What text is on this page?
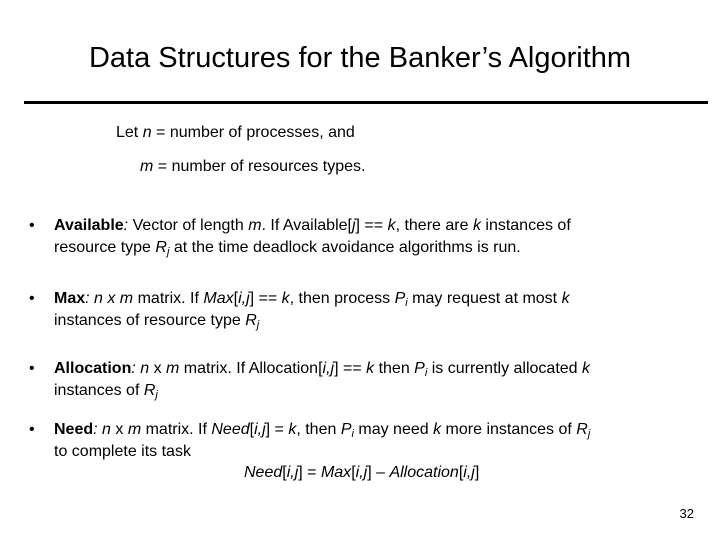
Data Structures for the Banker’s Algorithm
Let n = number of processes, and
m = number of resources types.
• Available: Vector of length m. If Available[j] == k, there are k instances of
resource type $R_j$ at the time deadlock avoidance algorithms is run.
• Max: n x m matrix. If Max[i,j] == k, then process $P_i$ may request at most k
instances of resource type $R_j$
• Allocation: n x m matrix. If Allocation[i,j] == k then $P_i$ is currently allocated k
instances of $R_j$
• Need: n x m matrix. If Need[i,j] = k, then $P_i$ may need k more instances of $R_j$
to complete its task
Need[i,j] = Max[i,j] – Allocation[i,j]
32
